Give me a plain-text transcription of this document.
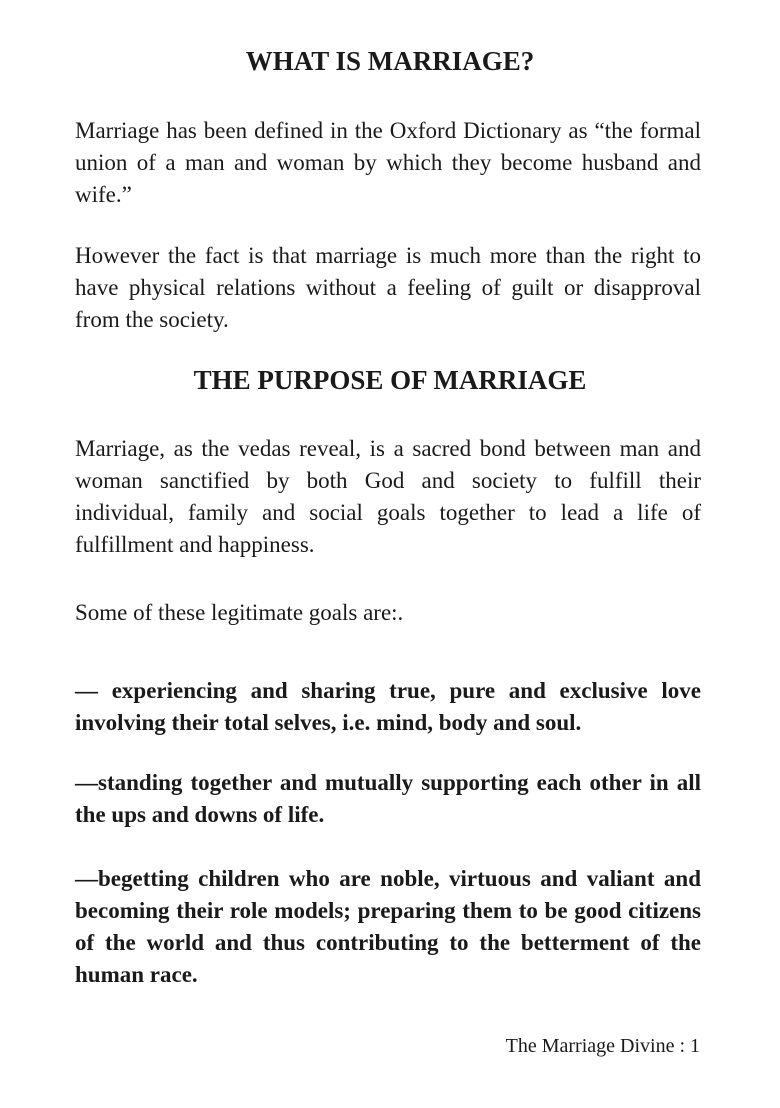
WHAT IS MARRIAGE?

Marriage has been defined in the Oxford Dictionary as “the formal union of a man and woman by which they become husband and wife.”

However the fact is that marriage is much more than the right to have physical relations without a feeling of guilt or disapproval from the society.

THE PURPOSE OF MARRIAGE

Marriage, as the vedas reveal, is a sacred bond between man and woman sanctified by both God and society to fulfill their individual, family and social goals together to lead a life of fulfillment and happiness.

Some of these legitimate goals are:.

— experiencing and sharing true, pure and exclusive love involving their total selves, i.e. mind, body and soul.

—standing together and mutually supporting each other in all the ups and downs of life.

—begetting children who are noble, virtuous and valiant and becoming their role models; preparing them to be good citizens of the world and thus contributing to the betterment of the human race.

The Marriage Divine : 1
